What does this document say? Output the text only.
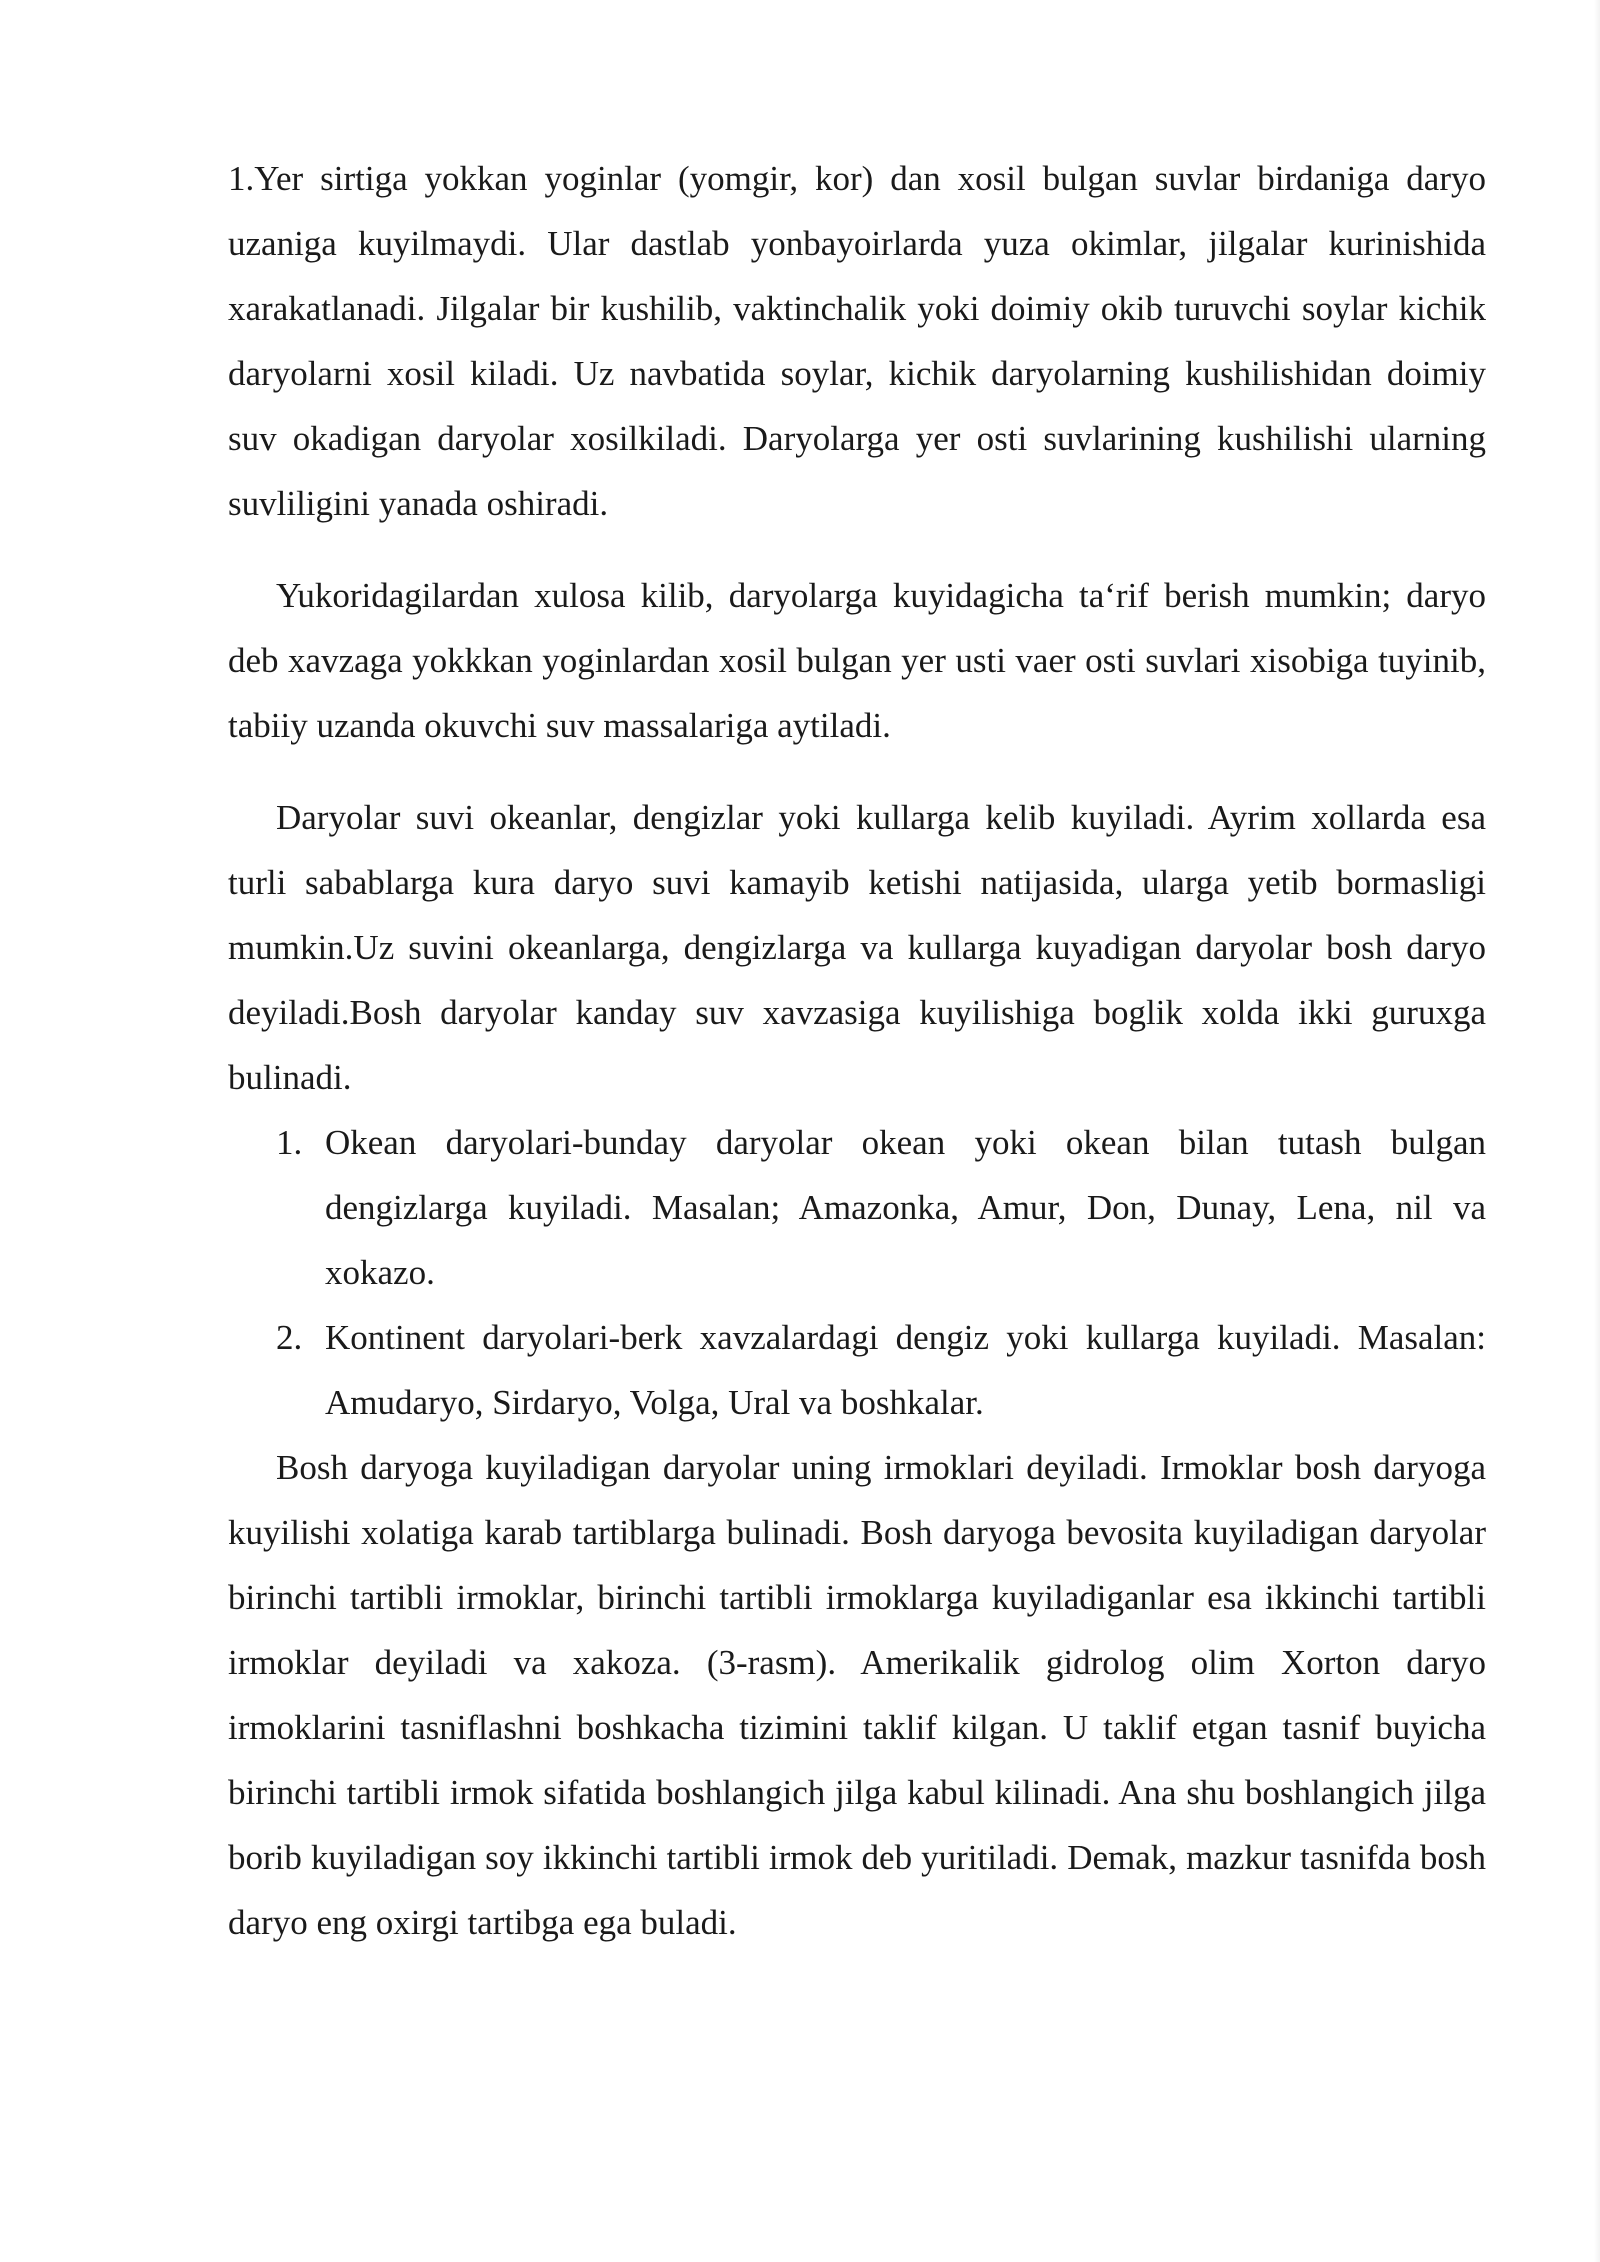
1.Yer sirtiga yokkan yoginlar (yomgir, kor) dan xosil bulgan suvlar birdaniga daryo uzaniga kuyilmaydi. Ular dastlab yonbayoirlarda yuza okimlar, jilgalar kurinishida xarakatlanadi. Jilgalar bir kushilib, vaktinchalik yoki doimiy okib turuvchi soylar kichik daryolarni xosil kiladi. Uz navbatida soylar, kichik daryolarning kushilishidan doimiy suv okadigan daryolar xosilkiladi. Daryolarga yer osti suvlarining kushilishi ularning suvliligini yanada oshiradi.

Yukoridagilardan xulosa kilib, daryolarga kuyidagicha ta‘rif berish mumkin; daryo deb xavzaga yokkkan yoginlardan xosil bulgan yer usti vaer osti suvlari xisobiga tuyinib, tabiiy uzanda okuvchi suv massalariga aytiladi.

Daryolar suvi okeanlar, dengizlar yoki kullarga kelib kuyiladi. Ayrim xollarda esa turli sabablarga kura daryo suvi kamayib ketishi natijasida, ularga yetib bormasligi mumkin.Uz suvini okeanlarga, dengizlarga va kullarga kuyadigan daryolar bosh daryo deyiladi.Bosh daryolar kanday suv xavzasiga kuyilishiga boglik xolda ikki guruxga bulinadi.

1. Okean daryolari-bunday daryolar okean yoki okean bilan tutash bulgan dengizlarga kuyiladi. Masalan; Amazonka, Amur, Don, Dunay, Lena, nil va xokazo.
2. Kontinent daryolari-berk xavzalardagi dengiz yoki kullarga kuyiladi. Masalan: Amudaryo, Sirdaryo, Volga, Ural va boshkalar.

Bosh daryoga kuyiladigan daryolar uning irmoklari deyiladi. Irmoklar bosh daryoga kuyilishi xolatiga karab tartiblarga bulinadi. Bosh daryoga bevosita kuyiladigan daryolar birinchi tartibli irmoklar, birinchi tartibli irmoklarga kuyiladiganlar esa ikkinchi tartibli irmoklar deyiladi va xakoza. (3-rasm). Amerikalik gidrolog olim Xorton daryo irmoklarini tasniflashni boshkacha tizimini taklif kilgan. U taklif etgan tasnif buyicha birinchi tartibli irmok sifatida boshlangich jilga kabul kilinadi. Ana shu boshlangich jilga borib kuyiladigan soy ikkinchi tartibli irmok deb yuritiladi. Demak, mazkur tasnifda bosh daryo eng oxirgi tartibga ega buladi.
